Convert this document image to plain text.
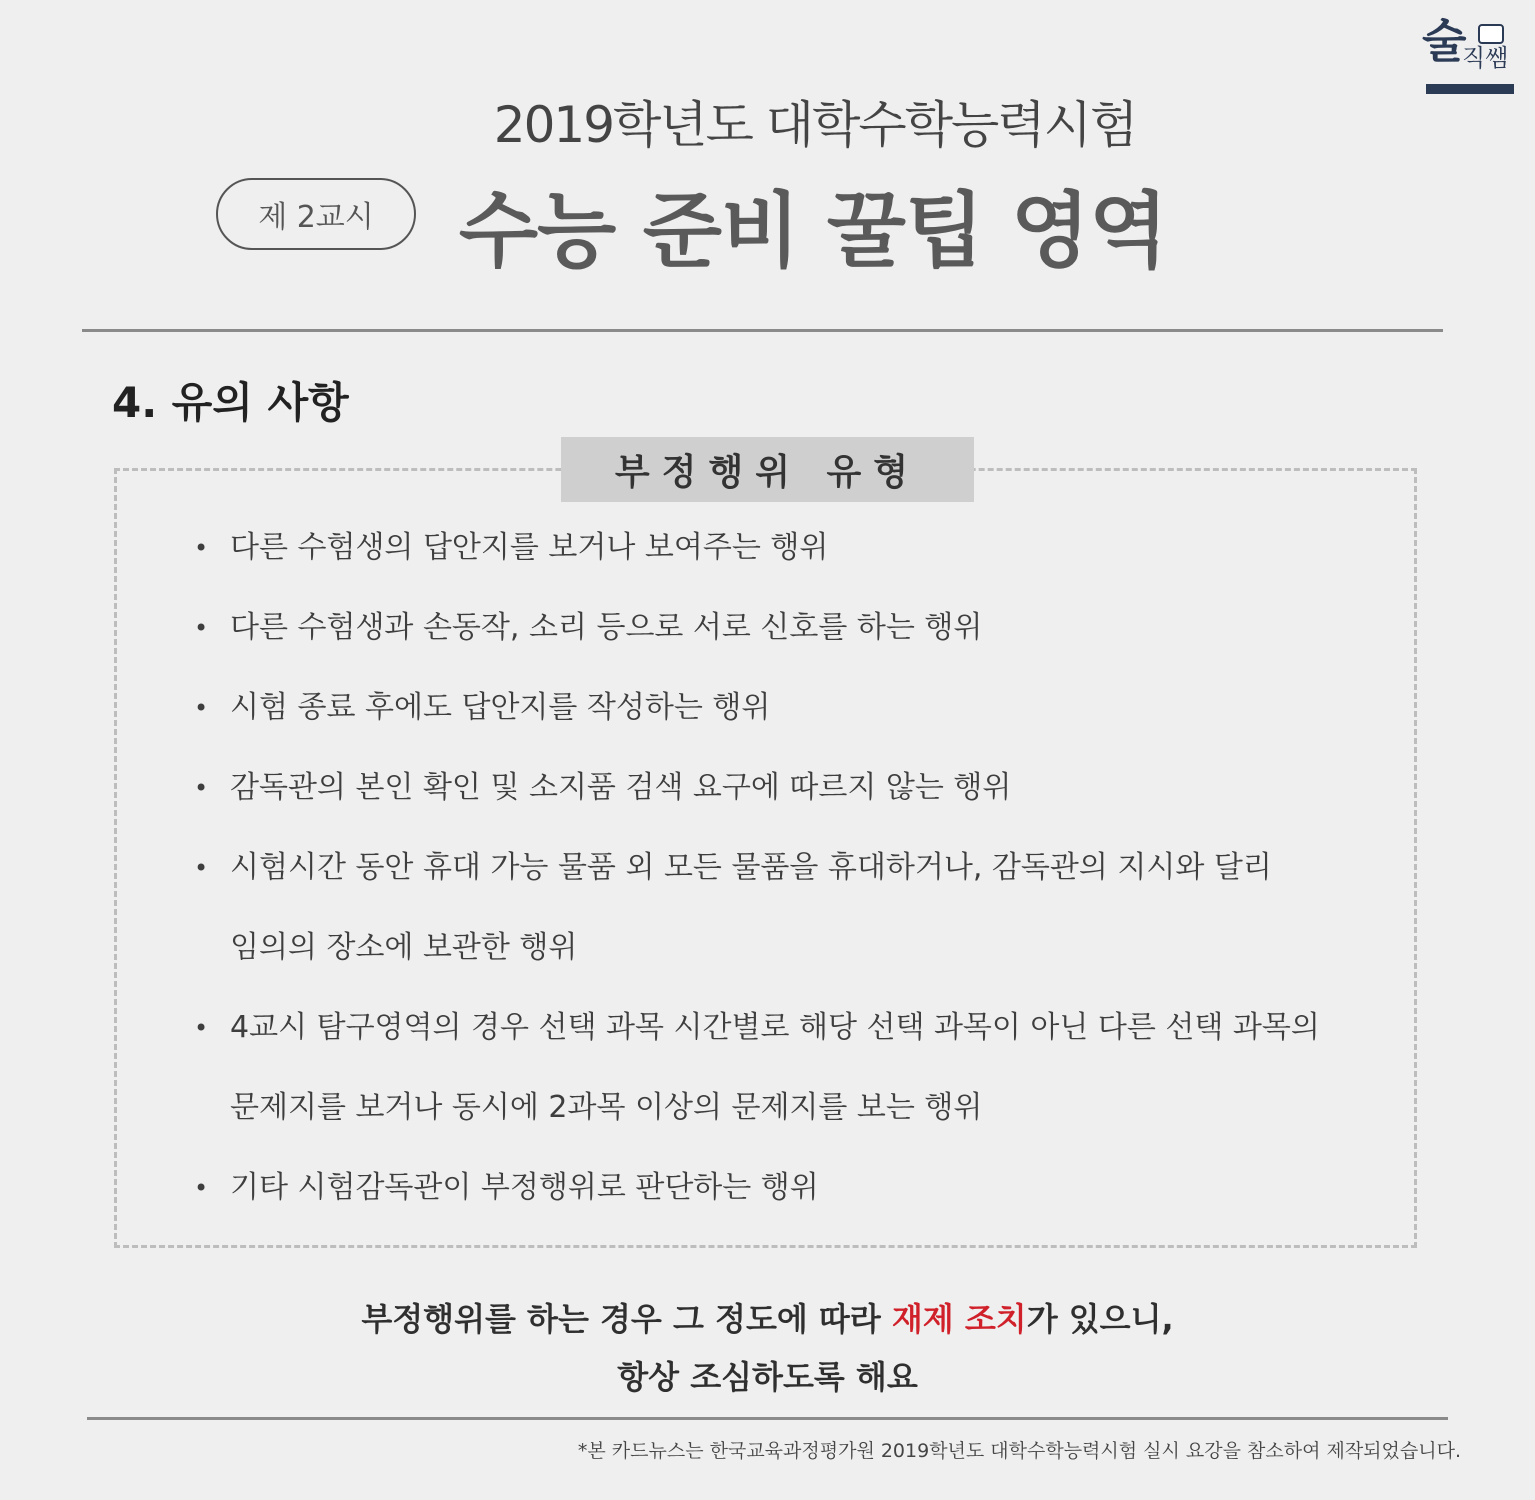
술
직쌤
2019학년도 대학수학능력시험
제 2교시	수능 준비 꿀팁 영역
4. 유의 사항
부정행위 유형
• 다른 수험생의 답안지를 보거나 보여주는 행위
• 다른 수험생과 손동작, 소리 등으로 서로 신호를 하는 행위
• 시험 종료 후에도 답안지를 작성하는 행위
• 감독관의 본인 확인 및 소지품 검색 요구에 따르지 않는 행위
• 시험시간 동안 휴대 가능 물품 외 모든 물품을 휴대하거나, 감독관의 지시와 달리
임의의 장소에 보관한 행위
• 4교시 탐구영역의 경우 선택 과목 시간별로 해당 선택 과목이 아닌 다른 선택 과목의
문제지를 보거나 동시에 2과목 이상의 문제지를 보는 행위
• 기타 시험감독관이 부정행위로 판단하는 행위
부정행위를 하는 경우 그 정도에 따라 재제 조치가 있으니,
항상 조심하도록 해요
*본 카드뉴스는 한국교육과정평가원 2019학년도 대학수학능력시험 실시 요강을 참소하여 제작되었습니다.
